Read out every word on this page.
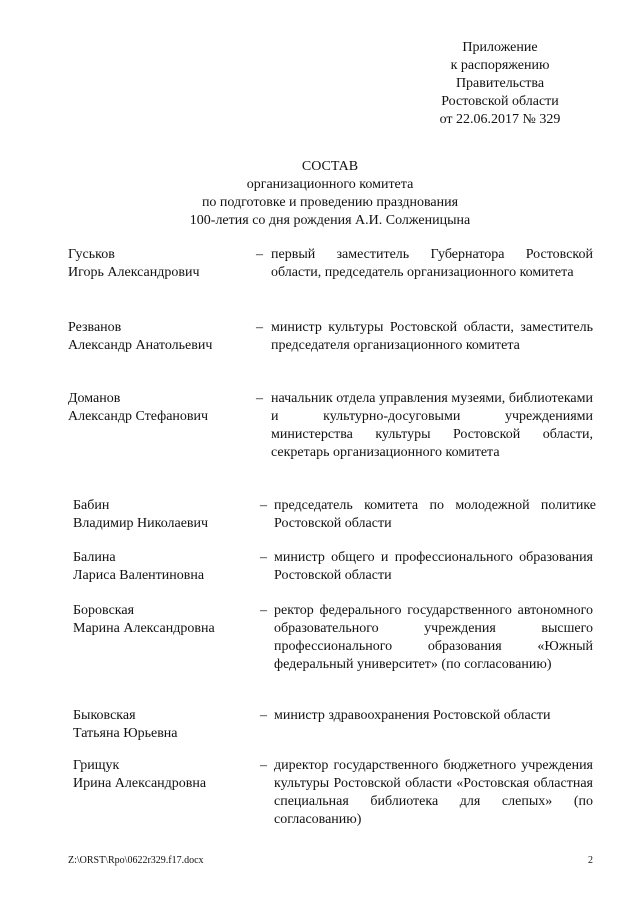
Приложение
к распоряжению
Правительства
Ростовской области
от 22.06.2017 № 329
СОСТАВ
организационного комитета
по подготовке и проведению празднования
100-летия со дня рождения А.И. Солженицына
Гуськов
Игорь Александрович
– первый заместитель Губернатора Ростовской области, председатель организационного комитета
Резванов
Александр Анатольевич
– министр культуры Ростовской области, заместитель председателя организационного комитета
Доманов
Александр Стефанович
– начальник отдела управления музеями, библиотеками и культурно-досуговыми учреждениями министерства культуры Ростовской области, секретарь организационного комитета
Бабин
Владимир Николаевич
– председатель комитета по молодежной политике Ростовской области
Балина
Лариса Валентиновна
– министр общего и профессионального образования Ростовской области
Боровская
Марина Александровна
– ректор федерального государственного автономного образовательного учреждения высшего профессионального образования «Южный федеральный университет» (по согласованию)
Быковская
Татьяна Юрьевна
– министр здравоохранения Ростовской области
Грищук
Ирина Александровна
– директор государственного бюджетного учреждения культуры Ростовской области «Ростовская областная специальная библиотека для слепых» (по согласованию)
Z:\ORST\Rpo\0622r329.f17.docx	2
